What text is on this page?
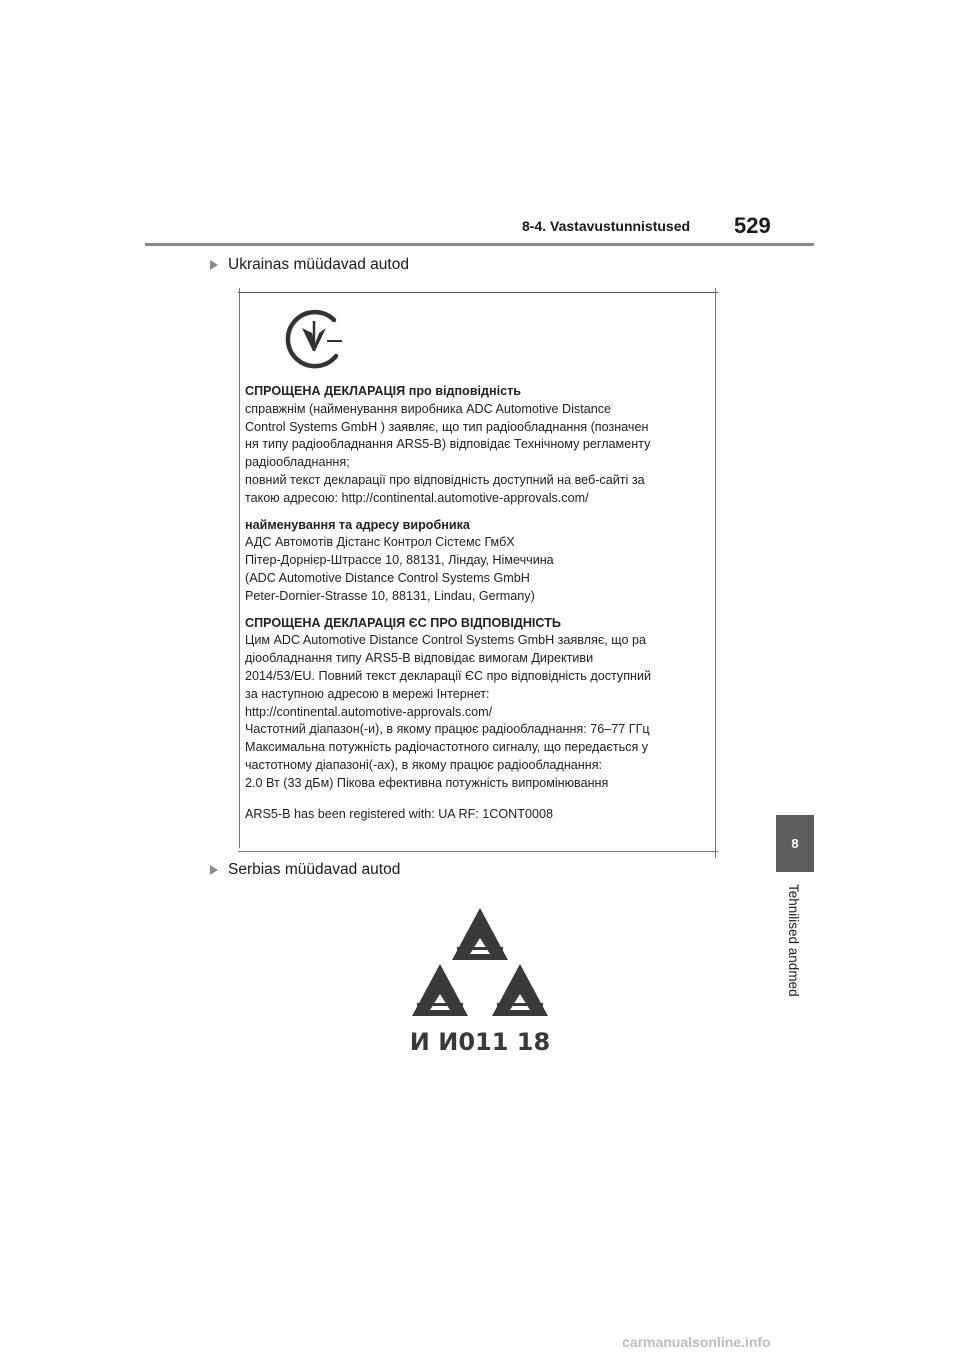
8-4. Vastavustunnistused 529
Ukrainas müüdavad autod

СПРОЩЕНА ДЕКЛАРАЦІЯ про відповідність

справжнім (найменування виробника ADC Automotive Distance

Control Systems GmbH ) заявляє, що тип радіообладнання (позначен

ня типу радіообладнання ARS5-B) відповідає Технічному регламенту

радіообладнання;

повний текст декларації про відповідність доступний на веб-сайті за

такою адресою: http://continental.automotive-approvals.com/

найменування та адресу виробника

АДС Автомотів Дістанс Контрол Сістемс ГмбХ

Пітер-Дорнієр-Штрассе 10, 88131, Ліндау, Німеччина

(ADC Automotive Distance Control Systems GmbH

Peter-Dornier-Strasse 10, 88131, Lindau, Germany)

СПРОЩЕНА ДЕКЛАРАЦІЯ ЄС ПРО ВІДПОВІДНІСТЬ

Цим ADC Automotive Distance Control Systems GmbH заявляє, що ра

діообладнання типу ARS5-B відповідає вимогам Директиви

2014/53/EU. Повний текст декларації ЄС про відповідність доступний

за наступною адресою в мережі Інтернет:

http://continental.automotive-approvals.com/

Частотний діапазон(-и), в якому працює радіообладнання: 76–77 ГГц

Максимальна потужність радіочастотного сигналу, що передається у

частотному діапазоні(-ах), в якому працює радіообладнання:

2.0 Вт (33 дБм) Пікова ефективна потужність випромінювання

ARS5-B has been registered with: UA RF: 1CONT0008

Serbias müüdavad autod
И И011 18
8
Tehnilised andmed
carmanualsonline.info
